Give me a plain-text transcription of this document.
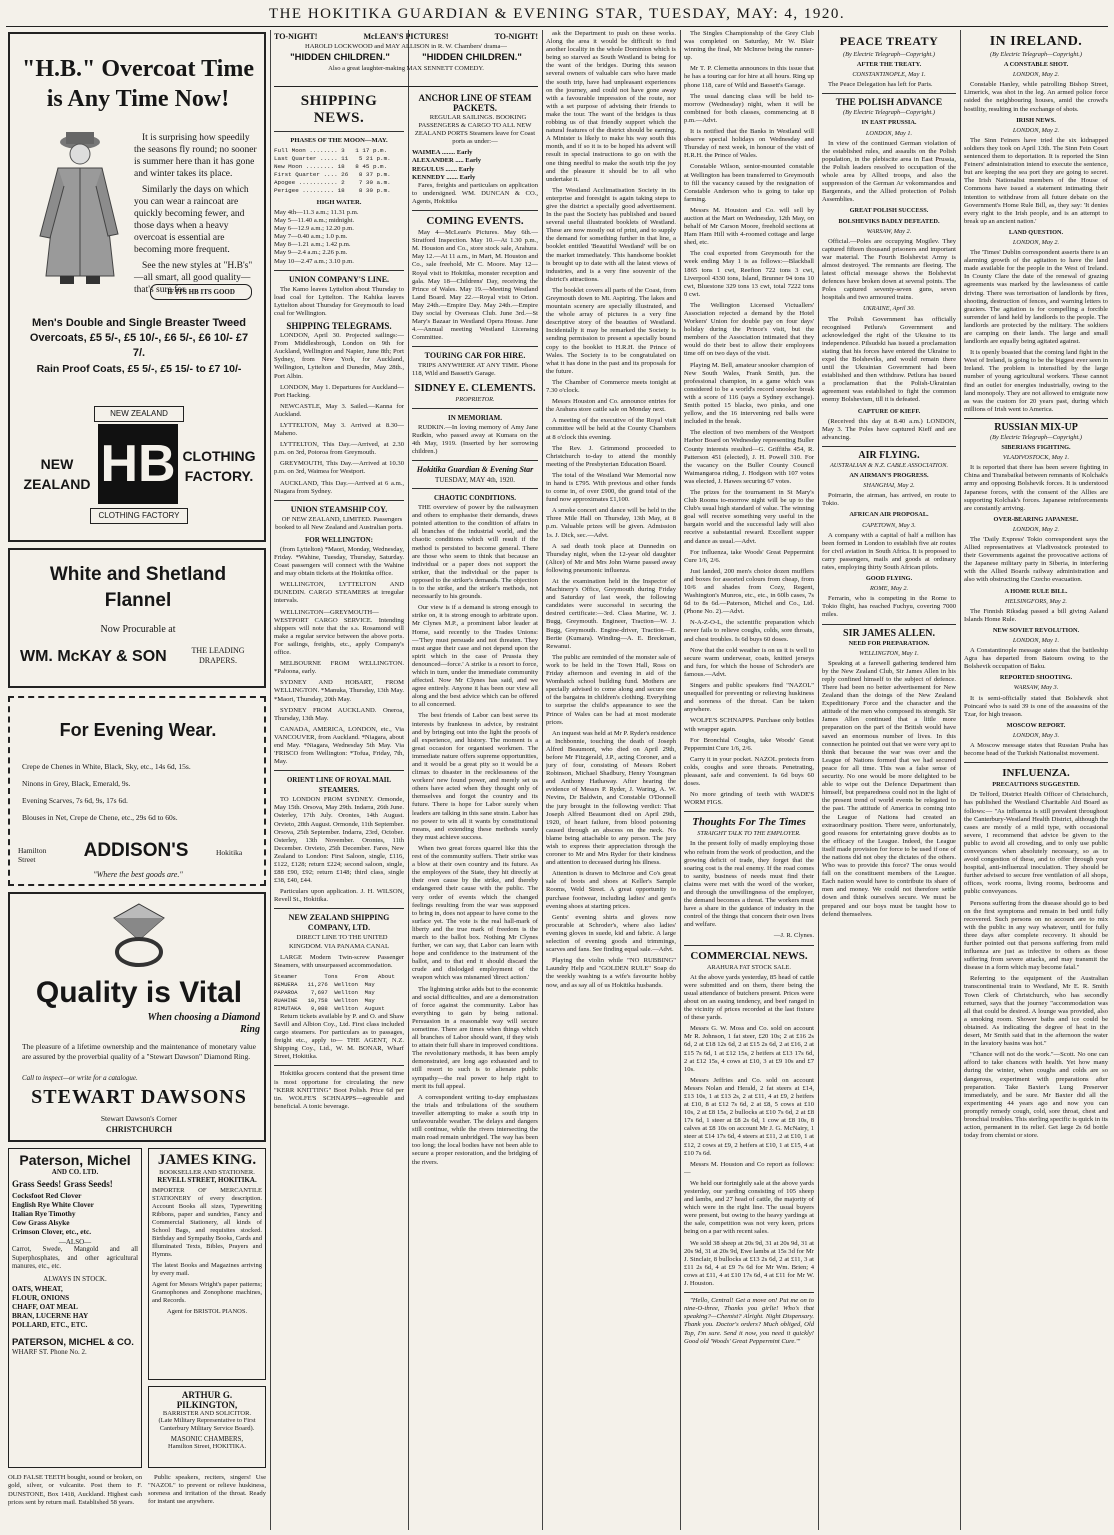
THE HOKITIKA GUARDIAN & EVENING STAR, TUESDAY, MAY: 4, 1920.
"H.B." Overcoat Time is Any Time Now!

It is surprising how speedily the seasons fly round; no sooner is summer here than it has gone and winter takes its place.

Similarly the days on which you can wear a raincoat are quickly becoming fewer, and those days when a heavy overcoat is essential are becoming more frequent.

See the new styles at "H.B's" —all smart, all good quality— that's sure for

IF ITS HB ITS GOOD
Men's Double and Single Breaster Tweed Overcoats, £5 5/-, £5 10/-, £6 5/-, £6 10/- £7 7/.
Rain Proof Coats, £5 5/-, £5 15/- to £7 10/-
NEW ZEALAND
HB
NEW ZEALAND
CLOTHING FACTORY.
CLOTHING FACTORY
White and Shetland Flannel
Now Procurable at
WM. McKAY & SON	THE LEADING DRAPERS.
For Evening Wear.
Crepe de Chenes in White, Black, Sky, etc., 14s 6d, 15s.
Ninons in Grey, Black, Emerald, 9s.
Evening Scarves, 7s 6d, 9s, 17s 6d.
Blouses in Net, Crepe de Chene, etc., 29s 6d to 60s.
Hamilton Street	ADDISON'S	Hokitika
"Where the best goods are."
Quality is Vital
When choosing a Diamond Ring
The pleasure of a lifetime ownership and the maintenance of monetary value are assured by the proverbial quality of a "Stewart Dawson" Diamond Ring.
Call to inspect—or write for a catalogue.
STEWART DAWSONS
Stewart Dawson's Corner
CHRISTCHURCH
Paterson, Michel
AND CO. LTD.
Grass Seeds! Grass Seeds!
Cocksfoot Red Clover
English Rye White Clover
Italian Rye Timothy
Cow Grass Alsyke
Crimson Clover, etc., etc.
—ALSO—
Carrot, Swede, Mangold and all Superphosphates, and other agricultural manures, etc., etc.
ALWAYS IN STOCK.
OATS, WHEAT,
FLOUR, ONIONS
CHAFF, OAT MEAL
BRAN, LUCERNE HAY
POLLARD, ETC., ETC.
PATERSON, MICHEL & CO.
WHARF ST. Phone No. 2.
OLD FALSE TEETH bought, sound or broken, on gold, silver, or vulcanite. Post them to F. DUNSTONE, Box 1418, Auckland. Highest cash prices sent by return mail. Established 58 years.
JAMES KING.
BOOKSELLER AND STATIONER.
REVELL STREET, HOKITIKA.
IMPORTER OF MERCANTILE STATIONERY of every description. Account Books all sizes, Typewriting Ribbons, paper and sundries, Fancy and Commercial Stationery, all kinds of School Bags, and requisites stocked. Birthday and Sympathy Books, Cards and Illuminated Texts, Bibles, Prayers and Hymns.
The latest Books and Magazines arriving by every mail.
Agent for Messrs Wright's paper patterns; Gramophones and Zonophone machines, and Records.
Agent for BRISTOL PIANOS.
ARTHUR G. PILKINGTON,
BARRISTER AND SOLICITOR.
(Late Military Representative to First Canterbury Military Service Board).
MASONIC CHAMBERS,
Hamilton Street, HOKITIKA.

Public speakers, reciters, singers! Use "NAZOL" to prevent or relieve huskiness, soreness and irritation of the throat. Ready for instant use anywhere.

TO-NIGHT!	McLEAN'S PICTURES!	TO-NIGHT!
HAROLD LOCKWOOD and MAY ALLISON in R. W. Chambers' drama—
"HIDDEN CHILDREN."	"HIDDEN CHILDREN."
Also a great laughter-making MAX SENNETT COMEDY.
SHIPPING NEWS.
PHASES OF THE MOON—MAY.
Full Moon ........ 3   1 17 p.m.
Last Quarter ..... 11   5 21 p.m.
New Moon ........ 18   8 45 p.m.
First Quarter .... 26   8 37 p.m.
Apogee ........... 2    7 30 a.m.
Perigee ......... 18    8 30 p.m.
HIGH WATER.
May 4th—11.3 a.m.; 11.31 p.m.
May 5—11.40 a.m.; midnight.
May 6—12.9 a.m.; 12.20 p.m.
May 7—0.40 a.m.; 1.0 p.m.
May 8—1.21 a.m.; 1.42 p.m.
May 9—2.4 a.m.; 2.26 p.m.
May 10—2.47 a.m.; 3.10 p.m.
UNION COMPANY'S LINE.

The Kamo leaves Lyttelton about Thursday to load coal for Lyttelton. The Kahika leaves Lyttelton about Thursday for Greymouth to load coal for Wellington.

SHIPPING TELEGRAMS.

LONDON, April 30. Projected sailings:—From Middlesbrough, London on 9th for Auckland, Wellington and Napier, June 8th; Port Sydney, from New York, for Auckland, Wellington, Lyttelton and Dunedin, May 28th., Port Albin.

LONDON, May 1. Departures for Auckland—Port Hacking.

NEWCASTLE, May 3. Sailed.—Kanna for Auckland.

LYTTELTON, May 3. Arrived at 8.30—Maheno.

LYTTELTON, This Day.—Arrived, at 2.30 p.m. on 3rd, Potoroa from Greymouth.

GREYMOUTH, This Day.—Arrived at 10.30 p.m. on 3rd, Waimea for Westport.

AUCKLAND, This Day.—Arrived at 6 a.m., Niagara from Sydney.

UNION STEAMSHIP COY.

OF NEW ZEALAND, LIMITED. Passengers booked to all New Zealand and Australian ports.

FOR WELLINGTON:

(from Lyttelton) *Maori, Monday, Wednesday, Friday. *Wahine, Tuesday, Thursday, Saturday. Coast passengers will connect with the Wahine and may obtain tickets at the Hokitika office.

WELLINGTON, LYTTELTON AND DUNEDIN. CARGO STEAMERS at irregular intervals.

WELLINGTON—GREYMOUTH—WESTPORT CARGO SERVICE. Intending shippers will note that the s.s. Rosamond will make a regular service between the above ports. For sailings, freights, etc., apply Company's office.

MELBOURNE FROM WELLINGTON. *Paloona, early.

SYDNEY AND HOBART, FROM WELLINGTON. *Manuka, Thursday, 13th May. *Maori, Thursday, 20th May.

SYDNEY FROM AUCKLAND. Oneroa, Thursday, 13th May.

CANADA, AMERICA, LONDON, etc., Via VANCOUVER, from Auckland. *Niagara, about end May. *Niagara, Wednesday 5th May. Via 'FRISCO from Wellington: *Tofua, Friday, 7th, May.

ORIENT LINE OF ROYAL MAIL STEAMERS.

TO LONDON FROM SYDNEY. Ormonde, May 15th. Orsova, May 29th. Indarra, 26th June. Osterley, 17th July. Orontes, 14th August. Orvieto, 28th August. Ormonde, 11th September. Orsova, 25th September. Indarra, 23rd, October. Osterley, 13th November. Orontes, 11th December. Orvieto, 25th December. Fares, New Zealand to London: First Saloon, single, £116, £122, £128; return £224; second saloon, single, £88 £90, £92; return £148; third class, single £38, £40, £44.

Particulars upon application. J. H. WILSON, Revell St., Hokitika.

NEW ZEALAND SHIPPING COMPANY, LTD.

DIRECT LINE TO THE UNITED KINGDOM. VIA PANAMA CANAL

LARGE Modern Twin-screw Passenger Steamers, with unsurpassed accommodation.

Steamer        Tons     From   About
REMUERA   11,276  Wellton  May
PAPAROA    7,697  Wellton  May
RUAHINE   10,758  Wellton  May
RIMUTAKA   9,088  Wellton  August

Return tickets available by P. and O. and Shaw Savill and Albion Coy., Ltd. First class included cargo steamers. For particulars as to passages, freight etc., apply to— THE AGENT, N.Z. Shipping Coy., Ltd., W. M. BONAR, Wharf Street, Hokitika.

Hokitika grocers contend that the present time is most opportune for circulating the new "KERR KNITTING" Boot Polish. Price 6d per tin. WOLFE'S SCHNAPPS—agreeable and beneficial. A tonic beverage.

ANCHOR LINE OF STEAM PACKETS.

REGULAR SAILINGS. BOOKING PASSENGERS & CARGO TO ALL NEW ZEALAND PORTS Steamers leave for Coast ports as under:—

WAIMEA ........ Early
ALEXANDER ..... Early
REGULUS ....... Early
KENNEDY ....... Early

Fares, freights and particulars on application to undersigned. WM. DUNCAN & CO., Agents, Hokitika

COMING EVENTS.

May 4—McLean's Pictures. May 6th.—Stratford Inspection. May 10.—At 1.30 p.m., M. Houston and Co., store stock sale, Arahura. May 12.—At 11 a.m., in Mart, M. Houston and Co., sale freehold, Mr C. Moore. May 12—Royal visit to Hokitika, monster reception and gala. May 18—Childrens' Day, receiving the Prince of Wales. May 19.—Meeting Westland Land Board. May 22.—Royal visit to Orion. May 24th.—Empire Day. May 24th.—Empire Day social by Overseas Club. June 3rd.—St Mary's Bazaar in Westland Opera House. June 4.—Annual meeting Westland Licensing Committee.

TOURING CAR FOR HIRE.

TRIPS ANYWHERE AT ANY TIME. Phone 118, Wild and Bassett's Garage.

SIDNEY E. CLEMENTS.
PROPRIETOR.
IN MEMORIAM.

RUDKIN.—In loving memory of Amy Jane Rudkin, who passed away at Kumara on the 4th May, 1919. (Inserted by her sorrowing children.)

Hokitika Guardian & Evening Star
TUESDAY, MAY 4th, 1920.
CHAOTIC CONDITIONS.

THE overview of power by the railwaymen and others to emphasise their demands, draws pointed attention to the condition of affairs in all branches of the industrial world, and the chaotic conditions which will result if the method is persisted to become general. There are those who seem to think that because an individual or a paper does not support the striker, that the individual or the paper is opposed to the striker's demands. The objection is to the strike, and the striker's methods, not necessarily to his grounds.

Our view is if a demand is strong enough to strike on, it is strong enough to arbitrate upon. Mr Clynes M.P., a prominent labor leader at Home, said recently to the Trades Unions:—'They must persuade and not threaten. They must argue their case and not depend upon the spirit which in the case of Prussia they denounced—force.' A strike is a resort to force, which in turn, under the immediate community affected. Now Mr Clynes has said, and we agree entirely. Anyone it has been our view all along and the best advice which can be offered to all concerned.

The best friends of Labor can best serve its interests by frankness in advice, by restraint and by bringing out into the light the proofs of all experience, and history. The moment is a great occasion for organised workmen. The immediate nature offers supreme opportunities, and it would be a great pity so it would be a climax to disaster in the recklessness of the workers' new found power, and merely set us others have acted when they thought only of themselves and forgot the country and its future. There is hope for Labor surely when leaders are talking in this sane strain. Labor has no power to win all it wants by constitutional means, and extending these methods surely they must achieve success.

When two great forces quarrel like this the rest of the community suffers. Their strike was a blow at their own country and its future. As the employees of the State, they hit directly at their own cause by the strike, and thereby endangered their cause with the public. The very order of events which the changed feelings resulting from the war was supposed to bring in, does not appear to have come to the surface yet. The vote is the real hall-mark of liberty and the true mark of freedom is the march to the ballot box. Nothing Mr Clynes further, we can say, that Labor can learn with hope and confidence to the instrument of the ballot, and to that end it should discard the crude and dislodged employment of the weapon which was misnamed 'direct action.'

The lightning strike adds but to the economic and social difficulties, and are a demonstration of force against the community. Labor has everything to gain by being rational. Persuasion in a reasonable way will secure sometime. There are times when things which all branches of Labor should want, if they wish to attain their full share in improved conditions. The revolutionary methods, it has been amply demonstrated, are long ago exhausted and to still resort to such is to alienate public sympathy—the real power to help right to merit its full appeal.

A correspondent writing to-day emphasizes the trials and tribulations of the southern traveller attempting to make a south trip in unfavourable weather. The delays and dangers still continue, while the rivers intersecting the main road remain unbridged. The way has been too long; the local bodies have not been able to secure a proper restoration, and the bridging of the rivers.

ask the Department to push on these works. Along the area it would be difficult to find another locality in the whole Dominion which is being so starved as South Westland is being for the want of the bridges. During this season several owners of valuable cars who have made the south trip, have had unpleasant experiences on the journey, and could not have gone away with a favourable impression of the route, nor with a set purpose of advising their friends to make the tour. The want of the bridges is thus robbing us of that friendly support which the natural features of the district should be earning. A Minister is likely to make his way south this month, and if so it is to be hoped his advent will result in special instructions to go on with the one thing needful to make the south trip the joy and the pleasure it should be to all who undertake it.

The Westland Acclimatisation Society in its enterprise and foresight is again taking steps to give the district a specially good advertisement. In the past the Society has published and issued several useful illustrated booklets of Westland. These are now mostly out of print, and to supply the demand for something further in that line, a booklet entitled 'Beautiful Westland' will be on the market immediately. This handsome booklet is brought up to date with all the latest views of industries, and is a very fine souvenir of the district's attractions.

The booklet covers all parts of the Coast, from Greymouth down to Mt. Aspiring. The lakes and mountain scenery are specially illustrated, and the whole array of pictures is a very fine descriptive story of the beauties of Westland. Incidentally it may be remarked the Society is sending permission to present a specially bound copy to the booklet to H.R.H. the Prince of Wales. The Society is to be congratulated on what it has done in the past and its proposals for the future.

The Chamber of Commerce meets tonight at 7.30 o'clock.

Messrs Houston and Co. announce entries for the Arahura store cattle sale on Monday next.

A meeting of the executive of the Royal visit committee will be held at the County Chambers at 8 o'clock this evening.

The Rev. J. Grimmond proceeded to Christchurch to-day to attend the monthly meeting of the Presbyterian Education Board.

The total of the Westland War Memorial now in hand is £795. With previous and other funds to come in, of over £900, the grand total of the fund now approximates £1,100.

A smoke concert and dance will be held in the Three Mile Hall on Thursday, 13th May, at 8 p.m. Valuable prizes will be given. Admission 1s. J. Dick, sec.—Advt.

A sad death took place at Dunnedin on Thursday night, when the 12-year old daughter (Alice) of Mr and Mrs John Warne passed away following pneumonic influenza.

At the examination held in the Inspector of Machinery's Office, Greymouth during Friday and Saturday of last week, the following candidates were successful in securing the desired certificate:—3rd. Class Marine, W. J. Bugg, Greymouth. Engineer, Traction—W. J. Bugg, Greymouth. Engine-driver, Traction—E. Bertie (Kumara). Winding—A. E. Breckman, Rewanui.

The public are reminded of the monster sale of work to be held in the Town Hall, Ross on Friday afternoon and evening in aid of the Wombatch school building fund. Mothers are specially advised to come along and secure one of the bargains in children's clothing. Everything to surprise the child's appearance to see the Prince of Wales can be had at most moderate prices.

An inquest was held at Mr P. Ryder's residence at Inchbonnie, touching the death of Joseph Alfred Beaumont, who died on April 29th, before Mr Fitzgerald, J.P., acting Coroner, and a jury of four, consisting of Messrs Robert Robinson, Michael Shadbury, Henry Youngman and Anthony Hathaway. After hearing the evidence of Messrs P. Ryder, J. Waring, A. W. Nevins, Dr Baldwin, and Constable O'Donnell the jury brought in the following verdict: That Joseph Alfred Beaumont died on April 29th, 1920, of heart failure, from blood poisoning caused through an abscess on the neck. No blame being attachable to any person. The jury wish to express their appreciation through the coroner to Mr and Mrs Ryder for their kindness and attention to deceased during his illness.

Attention is drawn to McInroe and Co's great sale of boots and shoes at Keller's Sample Rooms, Weld Street. A great opportunity to purchase footwear, including ladies' and gent's evening shoes at starting prices.

Gents' evening shirts and gloves now procurable at Schroder's, where also ladies' evening gloves in suede, kid and fabric. A large selection of evening goods and trimmings, scarves and fans. See finding equal sale.—Advt.

Playing the violin while "NO RUBBING" Laundry Help and "GOLDEN RULE" Soap do the weekly washing is a wife's favourite hobby now, and as say all of us Hokitika husbands.

The Singles Championship of the Grey Club was completed on Saturday, Mr W. Blair winning the final, Mr McInroe being the runner-up.

Mr T. P. Clemetta announces in this issue that he has a touring car for hire at all hours. Ring up phone 118, care of Wild and Bassett's Garage.

The usual dancing class will be held to-morrow (Wednesday) night, when it will be combined for both classes, commencing at 8 p.m.—Advt.

It is notified that the Banks in Westland will observe special holidays on Wednesday and Thursday of next week, in honour of the visit of H.R.H. the Prince of Wales.

Constable Wilson, senior-mounted constable at Wellington has been transferred to Greymouth to fill the vacancy caused by the resignation of Constable Anderson who is going to take up farming.

Messrs M. Houston and Co. will sell by auction at the Mart on Wednesday, 12th May, on behalf of Mr Carson Moore, freehold sections at Ham Ham Hill with 4-roomed cottage and large shed, etc.

The coal exported from Greymouth for the week ending May 1 is as follows:—Blackball 1865 tons 1 cwt, Reefton 722 tons 3 cwt, Liverpool 4330 tons, Island, Brunner 94 tons 10 cwt, Bluestone 329 tons 13 cwt, total 7222 tons 0 cwt.

The Wellington Licensed Victuallers' Association rejected a demand by the Hotel Workers' Union for double pay on four days' holiday during the Prince's visit, but the members of the Association intimated that they would do their best to allow their employees time off on two days of the visit.

Playing M. Bell, amateur snooker champion of New South Wales, Frank Smith, jun. the professional champion, in a game which was considered to be a world's record snooker break with a score of 116 (says a Sydney exchange). Smith potted 15 blacks, two pinks, and one yellow, and the 16 intervening red balls were included in the break.

The election of two members of the Westport Harbor Board on Wednesday representing Buller County interests resulted—G. Griffiths 454, R. Patterson 451 (elected), J. H. Powell 310. For the vacancy on the Buller County Council Waimangaroa riding, J. Hodgson with 107 votes was elected, J. Hawes securing 67 votes.

The prizes for the tournament in St Mary's Club Rooms to-morrow night will be up to the Club's usual high standard of value. The winning goal will receive something very useful in the bargain world and the successful lady will also receive a substantial reward. Excellent supper and dance as usual.—Advt.

For influenza, take Woods' Great Peppermint Cure 1/6, 2/6.

Just landed, 200 men's choice dozen mufflers and boxes for assorted colours from cheap, from 10/6 and shades from Cozy, Regent, Washington's Munros, etc., etc., in 60lb cases, 7s 6d to 8s 6d.—Paterson, Michel and Co., Ltd. (Phone No. 2).—Advt.

N-A-Z-O-L, the scientific preparation which never fails to relieve coughs, colds, sore throats, and chest troubles. Is 6d buys 60 doses.

Now that the cold weather is on us it is well to secure warm underwear, coats, knitted jerseys and furs, for which the house of Schroder's are famous.—Advt.

Singers and public speakers find "NAZOL" unequalled for preventing or relieving huskiness and soreness of the throat. Can be taken anywhere.

WOLFE'S SCHNAPPS. Purchase only bottles with wrapper again.

For Bronchial Coughs, take Woods' Great Peppermint Cure 1/6, 2/6.

Carry it in your pocket. NAZOL protects from colds, coughs and sore throats. Penetrating, pleasant, safe and convenient. Is 6d buys 60 doses.

No more grinding of teeth with WADE'S WORM FIGS.

Thoughts For The Times
STRAIGHT TALK TO THE EMPLOYER.

In the present folly of madly employing those who refrain from the work of production, and the growing deficit of trade, they forget that the soaring cost is the real enemy. If the road comes to sanity, business of needs must find their claims were met with the word of the worker, and through the unwillingness of the employer, the demand becomes a threat. The workers must have a share in the guidance of industry in the control of the things that concern their own lives and welfare.

—J. R. Clynes.
COMMERCIAL NEWS.
ARAHURA FAT STOCK SALE.

At the above yards yesterday, 85 head of cattle were submitted and on them, there being the usual attendance of butchers present. Prices were about on an easing tendency, and beef ranged in the vicinity of prices recorded at the last fixture of these yards.

Messrs G. W. Moss and Co. sold on account Mr R. Johnson, 1 fat steer, £20 10s; 2 at £16 2s 6d, 2 at £18 12s 6d, 2 at £15 2s 6d, 2 at £16, 2 at £15 7s 6d, 1 at £12 15s, 2 heifers at £13 17s 6d, 2 at £12 15s, 4 cows at £10, 3 at £9 10s and £7 10s.

Messrs Jeffries and Co. sold on account Messrs Nolan and Herald, 2 fat steers at £14, £13 10s, 1 at £13 2s, 2 at £11, 4 at £9, 2 heifers at £10, 8 at £12 7s 6d, 2 at £8, 5 cows at £10 10s, 2 at £8 15s, 2 bullocks at £10 7s 6d, 2 at £8 17s 6d, 1 steer at £8 2s 6d, 1 cow at £8 10s, 8 calves at £8 10s on account Mr J. G. McNairy, 1 steer at £14 17s 6d, 4 steers at £11, 2 at £10, 1 at £12, 2 cows at £9, 2 heifers at £10, 1 at £15, 4 at £10 7s 6d.

Messrs M. Houston and Co report as follows:—

We held our fortnightly sale at the above yards yesterday, our yarding consisting of 105 sheep and lambs, and 27 head of cattle, the majority of which were in the right line. The usual buyers were present, but owing to the heavy yardings at the sale, competition was not very keen, prices being on a par with recent sales.

We sold 38 sheep at 20s 9d, 31 at 20s 9d, 31 at 20s 9d, 31 at 20s 9d, Ewe lambs at 15s 3d for Mr J. Sinclair, 8 bullocks at £13 2s 6d, 2 at £11, 3 at £11 2s 6d, 4 at £9 7s 6d for Mr Wm. Brien; 4 cows at £11, 4 at £10 17s 6d, 4 at £11 for Mr W. J. Houston.

"Hello, Central! Get a move on! Put me on to nine-O-three, Thanks you girlie! Who's that speaking?—Chemist? Alright. Night Dispensary. Thank you. Doctor's orders? Much obliged, Old Top, I'm sure. Send it now, you need it quickly! Good old 'Woods' Great Peppermint Cure.'"

PEACE TREATY
(By Electric Telegraph—Copyright.)
AFTER THE TREATY.
CONSTANTINOPLE, May 1.

The Peace Delegation has left for Paris.

THE POLISH ADVANCE
(By Electric Telegraph—Copyright.)
IN EAST PRUSSIA.
LONDON, May 1.

In view of the continued German violation of the established rules, and assaults on the Polish population, in the plebiscite area in East Prussia, the Polish leaders resolved to occupation of the whole area by Allied troops, and also the suppression of the German Ar vokommandos and Bargenrats, and the Allied protection of Polish Assemblies.

GREAT POLISH SUCCESS.
BOLSHEVIKS BADLY DEFEATED.
WARSAW, May 2.

Official.—Poles are occupying Mogilev. They captured fifteen thousand prisoners and important war material. The Fourth Bolshevist Army is almost destroyed. The remnants are fleeing. The latest official message shows the Bolshevist defences have broken down at several points. The Poles captured seventy-seven guns, seven hospitals and two armoured trains.

UKRAINE, April 30.

The Polish Government has officially recognised Petlura's Government and acknowledged the right of the Ukraine to its independence. Pilsudski has issued a proclamation stating that his forces have entered the Ukraine to expel the Bolsheviks, and would remain there until the Ukrainian Government had been established and then withdraw. Petlura has issued a proclamation that the Polish-Ukrainian agreement was established to fight the common enemy Bolshevism, till it is defeated.

CAPTURE OF KIEFF.

(Received this day at 8.40 a.m.) LONDON, May 3. The Poles have captured Kieff and are advancing.

AIR FLYING.
AUSTRALIAN & N.Z. CABLE ASSOCIATION.
AN AIRMAN'S PROGRESS.
SHANGHAI, May 2.

Poirrarin, the airman, has arrived, en route to Tokio.

AFRICAN AIR PROPOSAL.
CAPETOWN, May 3.

A company with a capital of half a million has been formed in London to establish five air routes for civil aviation in South Africa. It is proposed to carry passengers, mails and goods at ordinary rates, employing thirty South African pilots.

GOOD FLYING.
ROME, May 2.

Ferrarin, who is competing in the Rome to Tokio flight, has reached Fuchyu, covering 7000 miles.

SIR JAMES ALLEN.
NEED FOR PREPARATION.
WELLINGTON, May 1.

Speaking at a farewell gathering tendered him by the New Zealand Club, Sir James Allen in his reply confined himself to the subject of defence. There had been no better advertisement for New Zealand than the doings of the New Zealand Expeditionary Force and the character and the attitude of the men who composed its strength. Sir James Allen continued that a little more preparation on the part of the British would have saved an enormous number of lives. In this connection he pointed out that we were very apt to think that because the war was over and the League of Nations formed that we had secured peace for all time. This was a false sense of security. No one would be more delighted to be able to wipe out the Defence Department than himself, but preparedness could not in the light of the present trend of world events be relegated to the past. The attitude of America in coming into the League of Nations had created an extraordinary position. There were, unfortunately, good reasons for entertaining grave doubts as to the efficacy of the League. Indeed, the League itself made provision for force to be used if one of the nations did not obey the dictates of the others. Who was to provide this force? The onus would fall on the constituent members of the League. Each nation would have to contribute its share of men and money. We could not therefore settle down and think ourselves secure. We must be prepared and our boys must be taught how to defend themselves.

IN IRELAND.
(By Electric Telegraph—Copyright.)
A CONSTABLE SHOT.
LONDON, May 2.

Constable Hanley, while patrolling Bishop Street, Limerick, was shot in the leg. An armed police force raided the neighbouring houses, amid the crowd's hostility, resulting in the exchange of shots.

IRISH NEWS.
LONDON, May 2.

The Sinn Feiners have tried the six kidnapped soldiers they took on April 13th. The Sinn Fein Court sentenced them to deportation. It is reported the Sinn Feiners' administration intend to execute the sentence, but are keeping the sea port they are going to secret. The Irish Nationalist members of the House of Commons have issued a statement intimating their intention to withdraw from all future debate on the Government's Home Rule Bill, as, they say: 'It denies every right to the Irish people, and is an attempt to break up an ancient nation.'

LAND QUESTION.
LONDON, May 2.

The 'Times' Dublin correspondent asserts there is an alarming growth of the agitation to have the land made available for the people in the West of Ireland. In County Clare the date of the renewal of grazing agreements was marked by the lawlessness of cattle driving. There was terrorisation of landlords by fires, shooting, destruction of fences, and warning letters to graziers. The agitation is for compelling a forcible surrender of land held by landlords to the people. The landlords are protected by the military. The soldiers are camping on their lands. The large and small landlords are equally being agitated against.

It is openly boasted that the coming land fight in the West of Ireland, is going to be the biggest ever seen in Ireland. The problem is intensified by the large number of young agricultural workers. These cannot find an outlet for energies industrially, owing to the land monopoly. They are not allowed to emigrate now as was the custom for 20 years past, during which millions of Irish went to America.

RUSSIAN MIX-UP
(By Electric Telegraph—Copyright.)
SIBERIANS FIGHTING.
VLADIVOSTOCK, May 1.

It is reported that there has been severe fighting in China and Transbaikal between remnants of Kolchak's army and opposing Bolshevik forces. It is understood Japanese forces, with the consent of the Allies are supporting Kolchak's forces. Japanese reinforcements are constantly arriving.

OVER-BEARING JAPANESE.
LONDON, May 2.

The 'Daily Express' Tokio correspondent says the Allied representatives at Vladivostock protested to their Governments against the provocative actions of the Japanese military party in Siberia, in interfering with the Allied Boards railway administration and also with obstructing the Czecho evacuation.

A HOME RULE BILL.
HELSINGFORS, May 2.

The Finnish Riksdag passed a bill giving Aaland Islands Home Rule.

NEW SOVIET REVOLUTION.
LONDON, May 1.

A Constantinople message states that the battleship Agra has departed from Batoum owing to the Bolshevik occupation of Baku.

REPORTED SHOOTING.
WARSAW, May 3.

It is semi-officially stated that Bolshevik shot Poincaré who is said 39 is one of the assassins of the Tzar, for high treason.

MOSCOW REPORT.
LONDON, May 3.

A Moscow message states that Russian Praha has become head of the Turkish Nationalist movement.

INFLUENZA.
PRECAUTIONS SUGGESTED.

Dr Telford, District Health Officer of Christchurch, has published the Westland Charitable Aid Board as follows:— "As influenza is still prevalent throughout the Canterbury-Westland Health District, although the cases are mostly of a mild type, with occasional severe, I recommend that advice be given to the public to avoid all crowding, and to only use public conveyances when absolutely necessary, so as to avoid congestion of these, and to offer through your hospital, anti-influenzal inoculation. They should be further advised to secure free ventilation of all shops, offices, work rooms, living rooms, bedrooms and public conveyances.

Persons suffering from the disease should go to bed on the first symptoms and remain in bed until fully recovered. Such persons on no account are to mix with the public in any way whatever, until for fully three days after complete recovery. It should be further pointed out that persons suffering from mild influenza are just as infective to others as those suffering from severe attacks, and may transmit the disease in a form which may become fatal."

Referring to the equipment of the Australian transcontinental train to Westland, Mr E. R. Smith Town Clerk of Christchurch, who has secondly returned, says that the journey "accommodation was all that could be desired. A lounge was provided, also a smoking room. Shower baths and ice could be obtained. As indicating the degree of heat in the desert, Mr Smith said that in the afternoon the water in the lavatory basins was hot."

"Chance will not do the work."—Scott. No one can afford to take chances with health. Yet how many during the winter, when coughs and colds are so dangerous, experiment with preparations after preparation. Take Baxter's Lung Preserver immediately, and be sure. Mr Baxter did all the experimenting 44 years ago and now you can promptly remedy cough, cold, sore throat, chest and bronchial troubles. This sterling specific is quick in its action, permanent in its relief. Get large 2s 6d bottle today from chemist or store.
